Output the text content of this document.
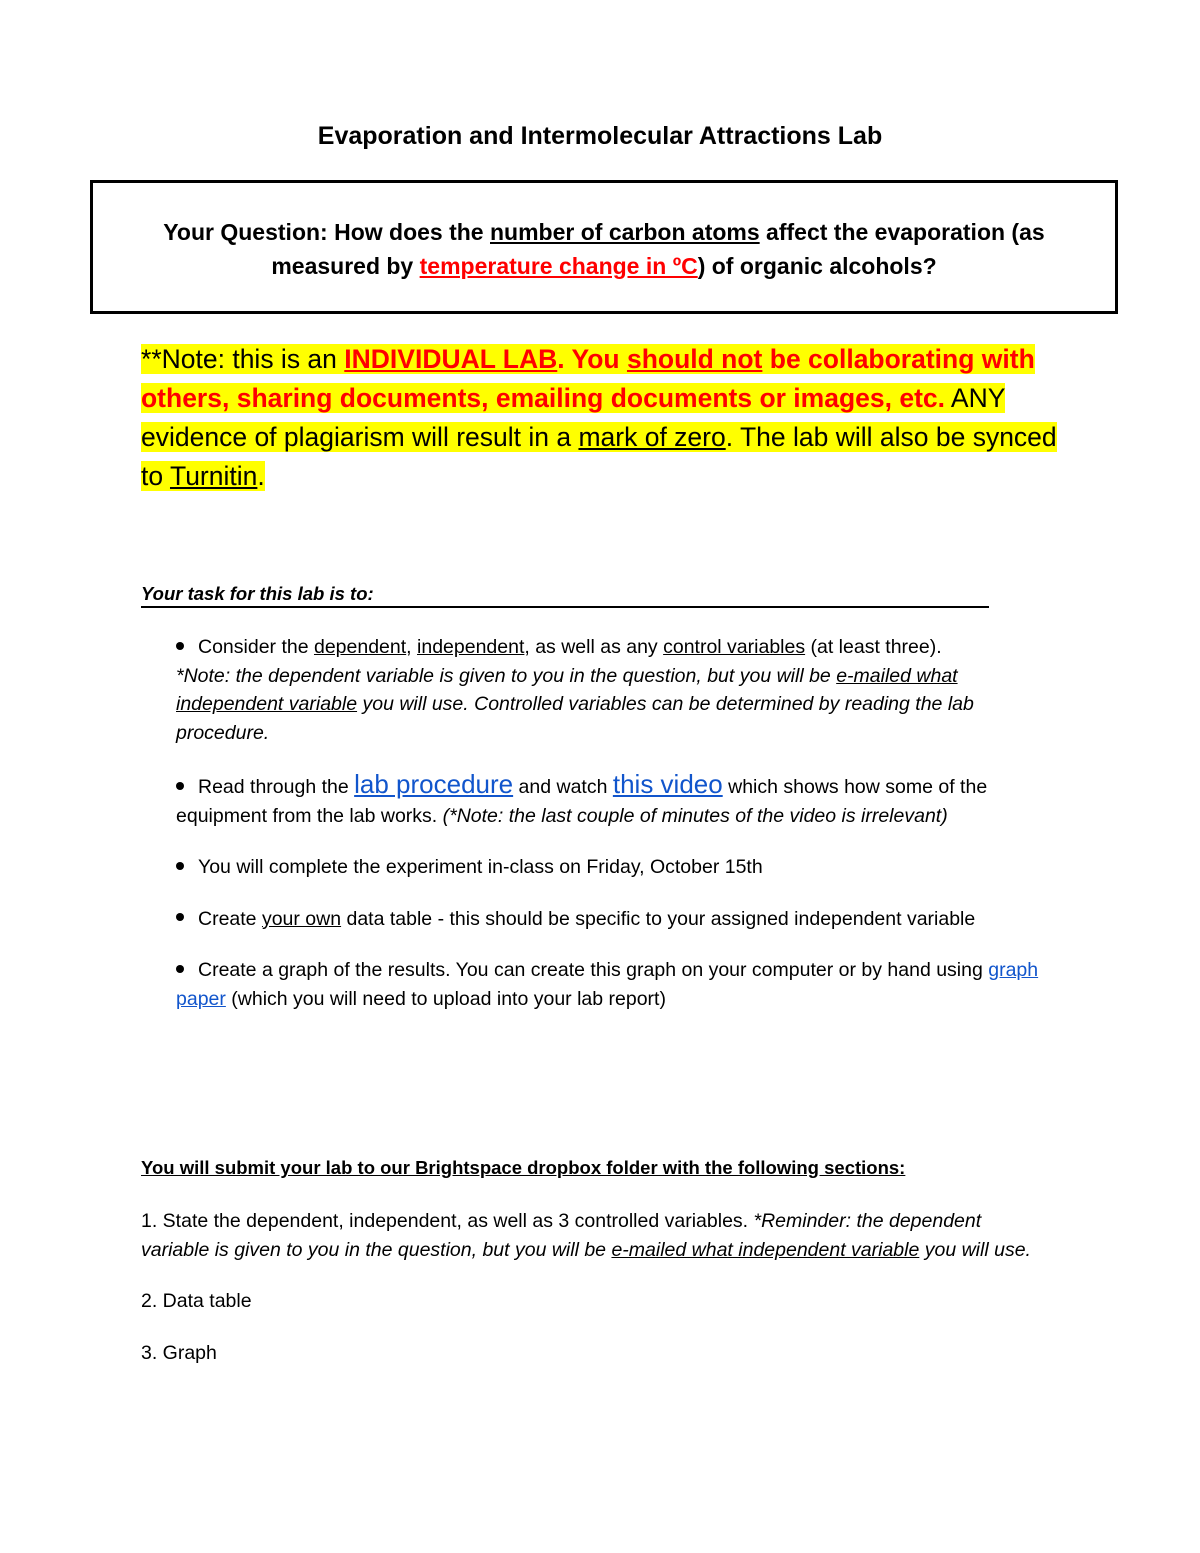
Evaporation and Intermolecular Attractions Lab
Your Question: How does the number of carbon atoms affect the evaporation (as measured by temperature change in ºC) of organic alcohols?
**Note: this is an INDIVIDUAL LAB. You should not be collaborating with others, sharing documents, emailing documents or images, etc. ANY evidence of plagiarism will result in a mark of zero. The lab will also be synced to Turnitin.
Your task for this lab is to:
Consider the dependent, independent, as well as any control variables (at least three).
*Note: the dependent variable is given to you in the question, but you will be e-mailed what independent variable you will use. Controlled variables can be determined by reading the lab procedure.
Read through the lab procedure and watch this video which shows how some of the equipment from the lab works. (*Note: the last couple of minutes of the video is irrelevant)
You will complete the experiment in-class on Friday, October 15th
Create your own data table - this should be specific to your assigned independent variable
Create a graph of the results. You can create this graph on your computer or by hand using graph paper (which you will need to upload into your lab report)
You will submit your lab to our Brightspace dropbox folder with the following sections:
1. State the dependent, independent, as well as 3 controlled variables. *Reminder: the dependent variable is given to you in the question, but you will be e-mailed what independent variable you will use.
2. Data table
3. Graph
